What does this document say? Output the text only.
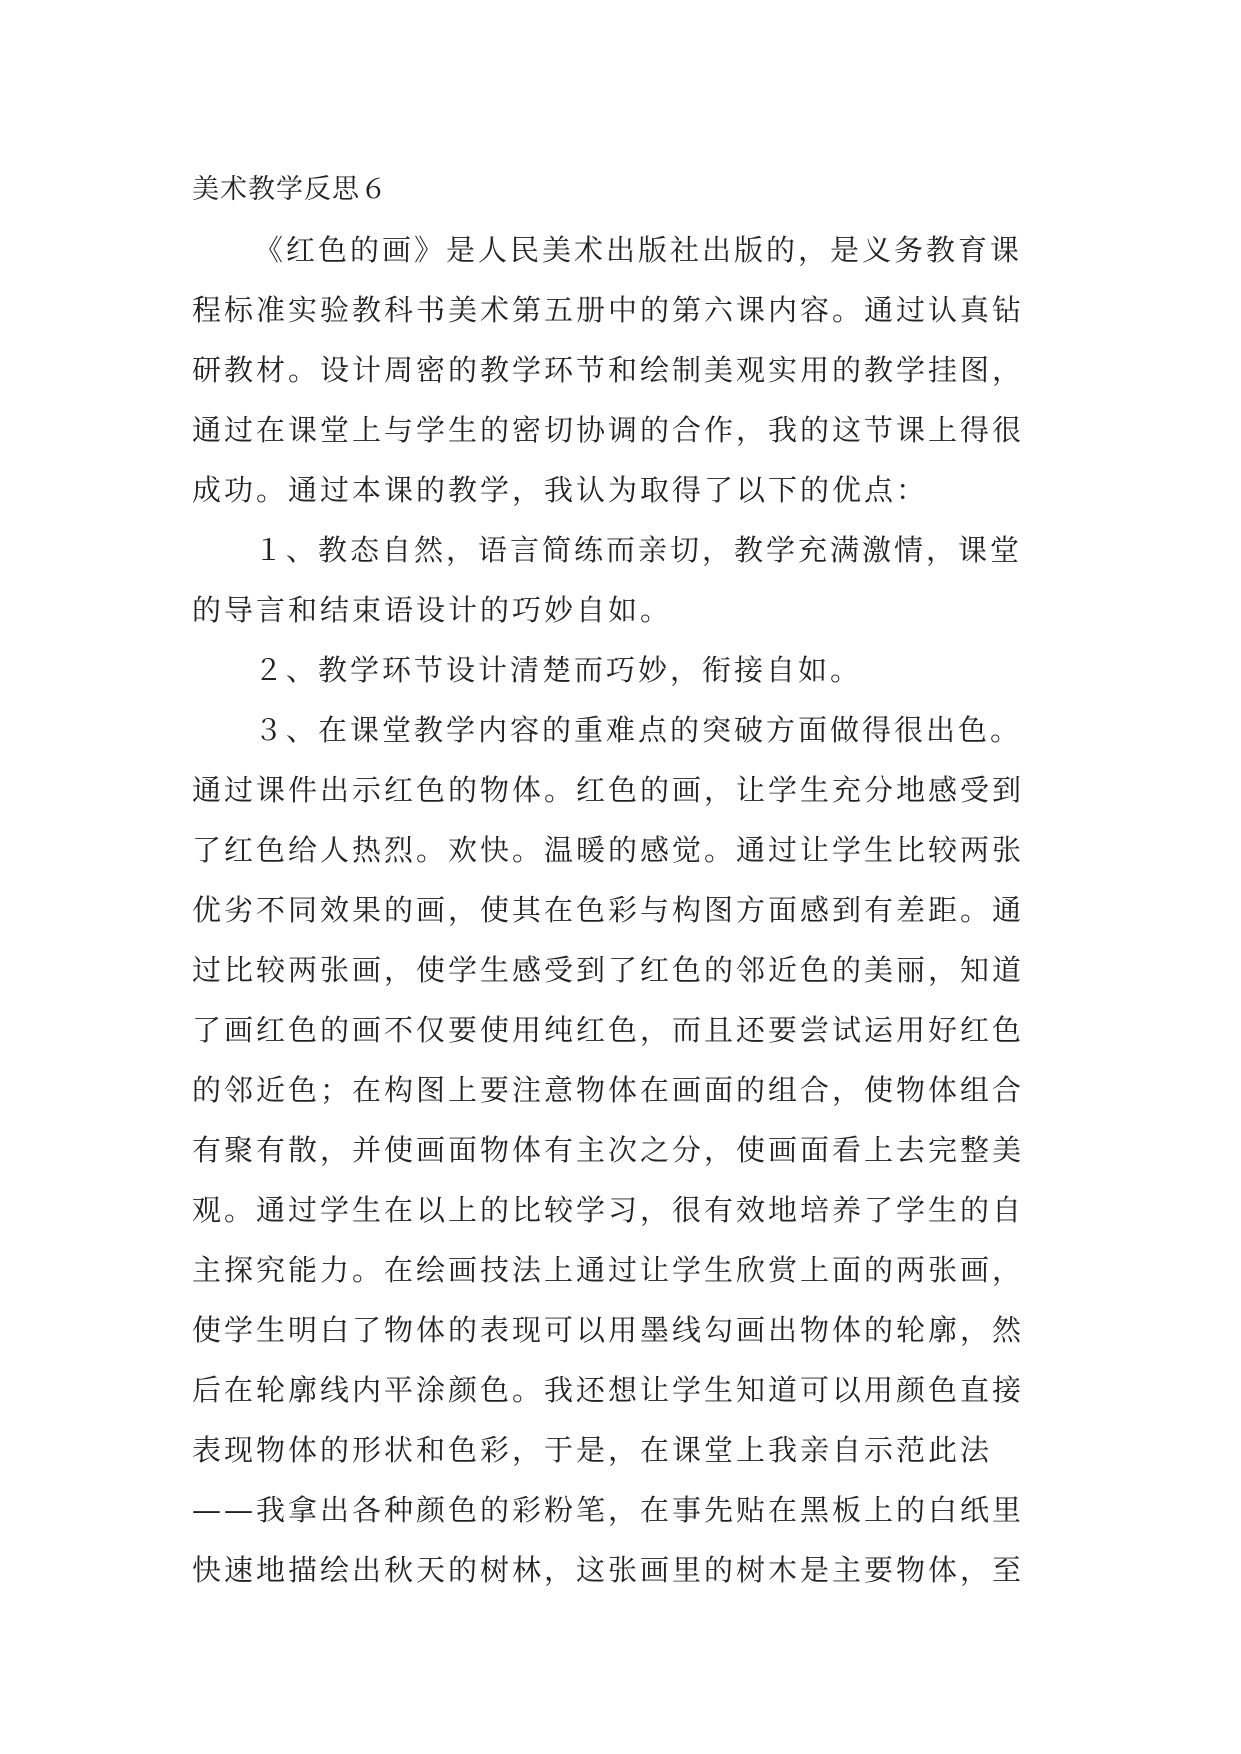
美术教学反思６
《红色的画》是人民美术出版社出版的，是义务教育课
程标准实验教科书美术第五册中的第六课内容。通过认真钻
研教材。设计周密的教学环节和绘制美观实用的教学挂图，
通过在课堂上与学生的密切协调的合作，我的这节课上得很
成功。通过本课的教学，我认为取得了以下的优点：
１、教态自然，语言简练而亲切，教学充满激情，课堂
的导言和结束语设计的巧妙自如。
２、教学环节设计清楚而巧妙，衔接自如。
３、在课堂教学内容的重难点的突破方面做得很出色。
通过课件出示红色的物体。红色的画，让学生充分地感受到
了红色给人热烈。欢快。温暖的感觉。通过让学生比较两张
优劣不同效果的画，使其在色彩与构图方面感到有差距。通
过比较两张画，使学生感受到了红色的邻近色的美丽，知道
了画红色的画不仅要使用纯红色，而且还要尝试运用好红色
的邻近色；在构图上要注意物体在画面的组合，使物体组合
有聚有散，并使画面物体有主次之分，使画面看上去完整美
观。通过学生在以上的比较学习，很有效地培养了学生的自
主探究能力。在绘画技法上通过让学生欣赏上面的两张画，
使学生明白了物体的表现可以用墨线勾画出物体的轮廓，然
后在轮廓线内平涂颜色。我还想让学生知道可以用颜色直接
表现物体的形状和色彩，于是，在课堂上我亲自示范此法
——我拿出各种颜色的彩粉笔，在事先贴在黑板上的白纸里
快速地描绘出秋天的树林，这张画里的树木是主要物体，至
